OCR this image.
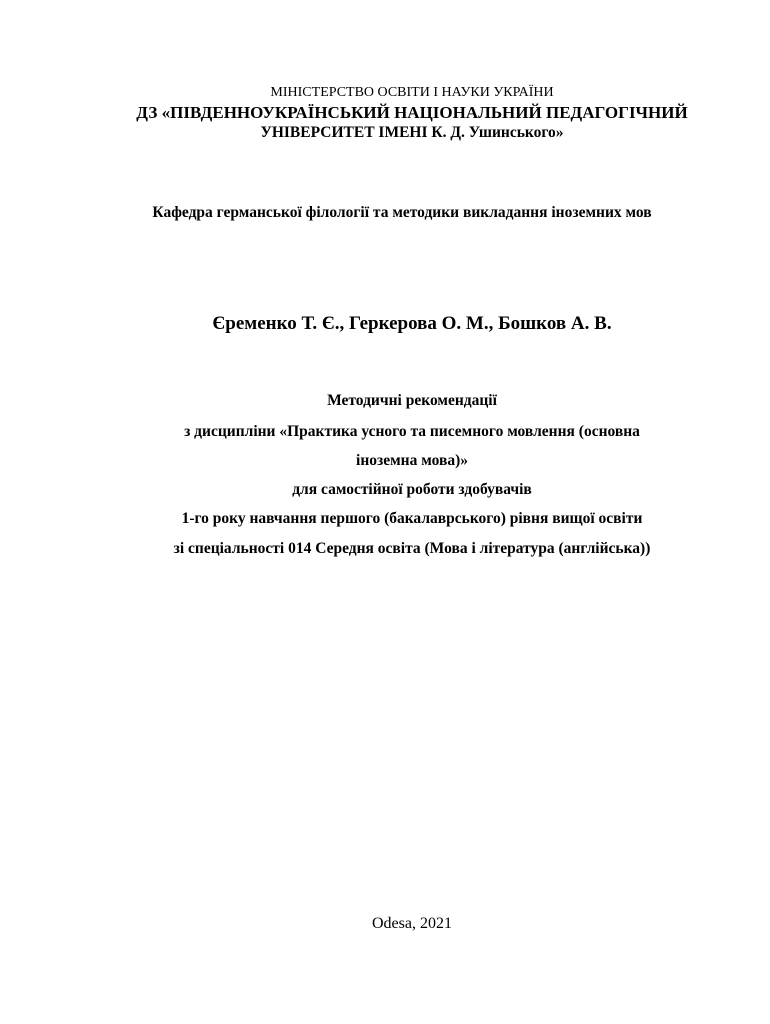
МІНІСТЕРСТВО ОСВІТИ І НАУКИ УКРАЇНИ
ДЗ «ПІВДЕННОУКРАЇНСЬКИЙ НАЦІОНАЛЬНИЙ ПЕДАГОГІЧНИЙ
УНІВЕРСИТЕТ ІМЕНІ К. Д. Ушинського»
Кафедра германської філології та методики викладання іноземних мов
Єременко Т. Є., Геркерова О. М., Бошков А. В.
Методичні рекомендації
з дисципліни «Практика усного та писемного мовлення (основна
іноземна мова)»
для самостійної роботи здобувачів
1-го року навчання першого (бакалаврського) рівня вищої освіти
зі спеціальності 014 Середня освіта (Мова і література (англійська))
Odesa, 2021
